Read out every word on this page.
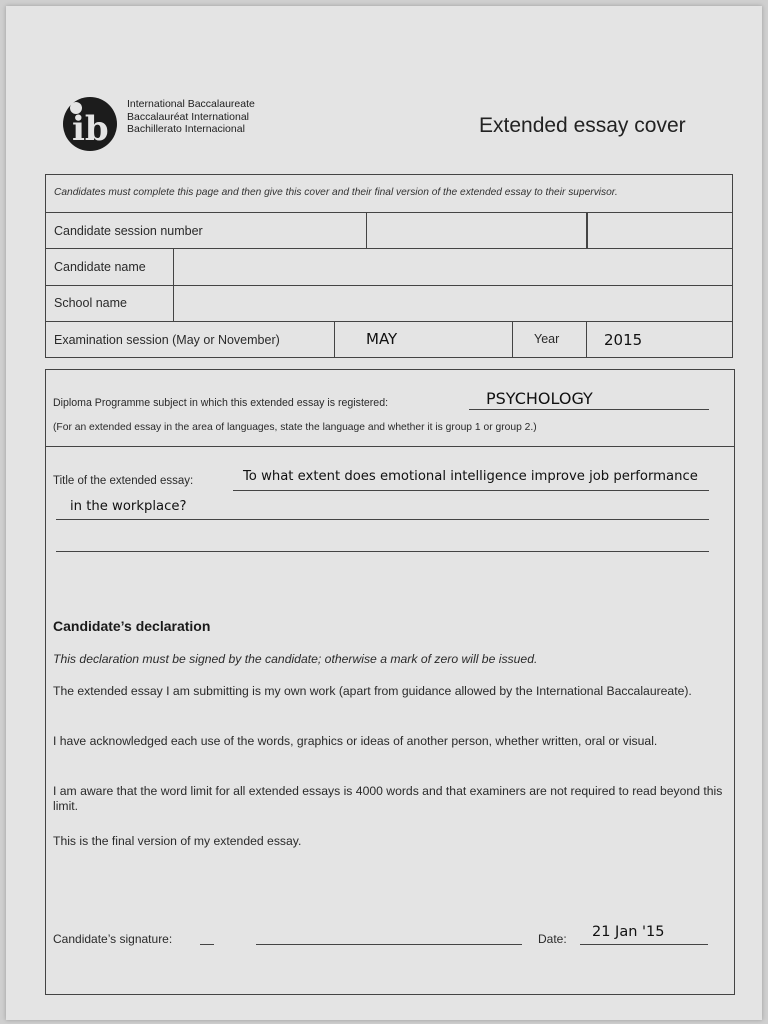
ib
International Baccalaureate
Baccalauréat International
Bachillerato Internacional	Extended essay cover
Candidates must complete this page and then give this cover and their final version of the extended essay to their supervisor.
Candidate session number
Candidate name
School name
Examination session (May or November)	MAY	Year	2015
Diploma Programme subject in which this extended essay is registered:	PSYCHOLOGY
(For an extended essay in the area of languages, state the language and whether it is group 1 or group 2.)
Title of the extended essay:	To what extent does emotional intelligence improve job performance
in the workplace?
Candidate’s declaration
This declaration must be signed by the candidate; otherwise a mark of zero will be issued.
The extended essay I am submitting is my own work (apart from guidance allowed by the International Baccalaureate).
I have acknowledged each use of the words, graphics or ideas of another person, whether written, oral or visual.
I am aware that the word limit for all extended essays is 4000 words and that examiners are not required to read beyond this limit.
This is the final version of my extended essay.
Candidate’s signature:	Date: 21 Jan '15
